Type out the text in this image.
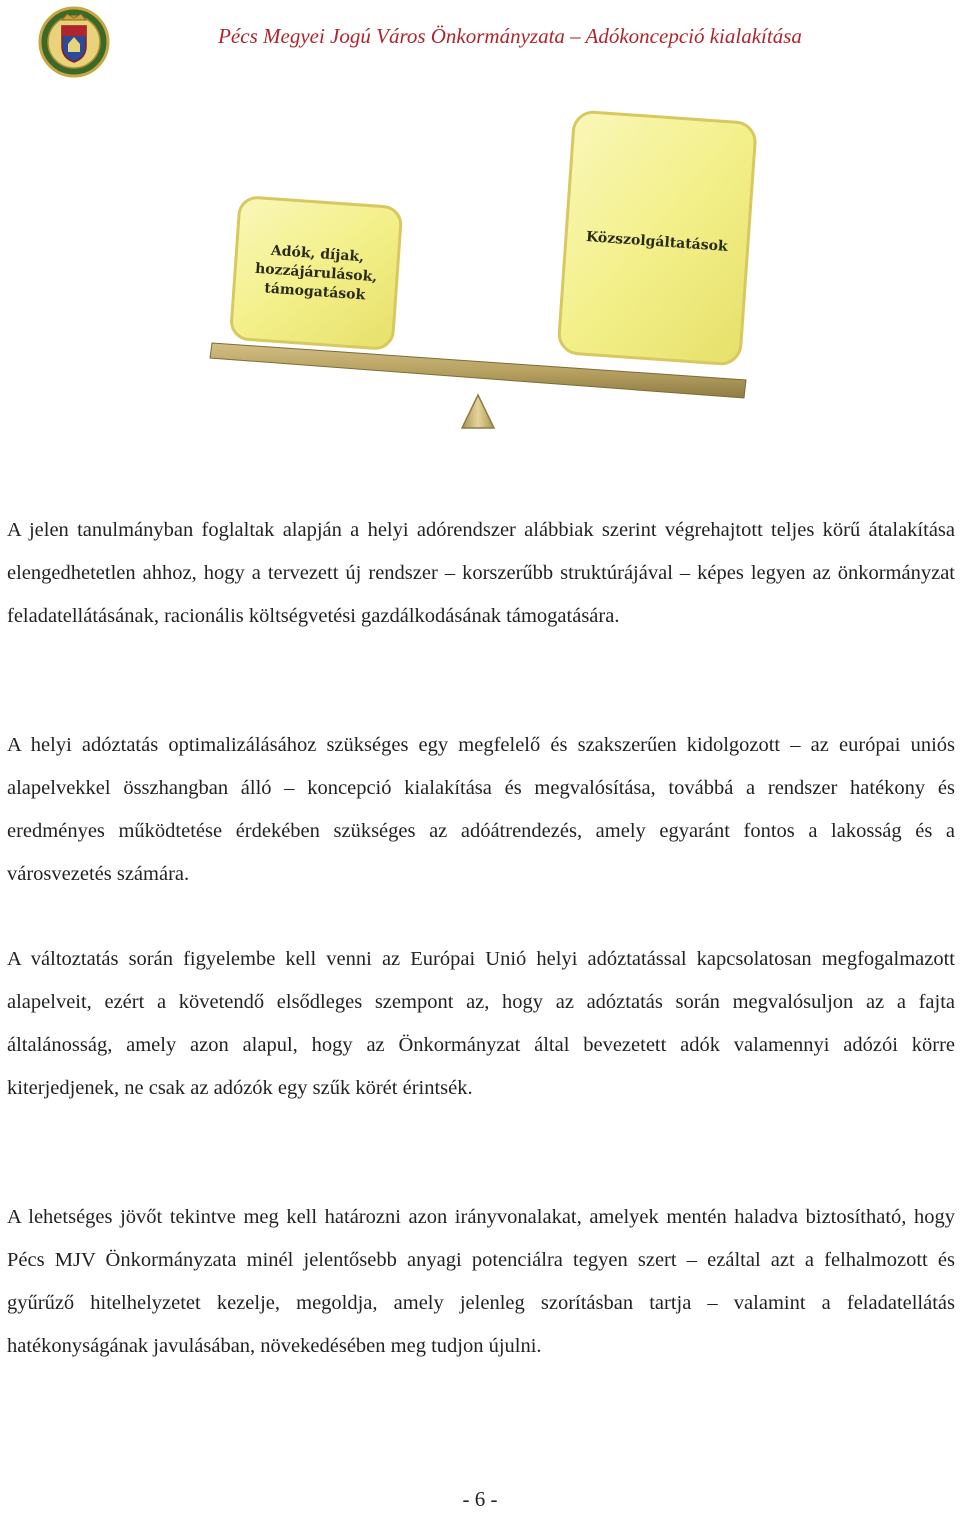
Pécs Megyei Jogú Város Önkormányzata – Adókoncepció kialakítása
Adók, díjak,
hozzájárulások,
támogatások
Közszolgáltatások
A jelen tanulmányban foglaltak alapján a helyi adórendszer alábbiak szerint végrehajtott teljes körű átalakítása elengedhetetlen ahhoz, hogy a tervezett új rendszer – korszerűbb struktúrájával – képes legyen az önkormányzat feladatellátásának, racionális költségvetési gazdálkodásának támogatására.
A helyi adóztatás optimalizálásához szükséges egy megfelelő és szakszerűen kidolgozott – az európai uniós alapelvekkel összhangban álló – koncepció kialakítása és megvalósítása, továbbá a rendszer hatékony és eredményes működtetése érdekében szükséges az adóátrendezés, amely egyaránt fontos a lakosság és a városvezetés számára.
A változtatás során figyelembe kell venni az Európai Unió helyi adóztatással kapcsolatosan megfogalmazott alapelveit, ezért a követendő elsődleges szempont az, hogy az adóztatás során megvalósuljon az a fajta általánosság, amely azon alapul, hogy az Önkormányzat által bevezetett adók valamennyi adózói körre kiterjedjenek, ne csak az adózók egy szűk körét érintsék.
A lehetséges jövőt tekintve meg kell határozni azon irányvonalakat, amelyek mentén haladva biztosítható, hogy Pécs MJV Önkormányzata minél jelentősebb anyagi potenciálra tegyen szert – ezáltal azt a felhalmozott és gyűrűző hitelhelyzetet kezelje, megoldja, amely jelenleg szorításban tartja – valamint a feladatellátás hatékonyságának javulásában, növekedésében meg tudjon újulni.
- 6 -
